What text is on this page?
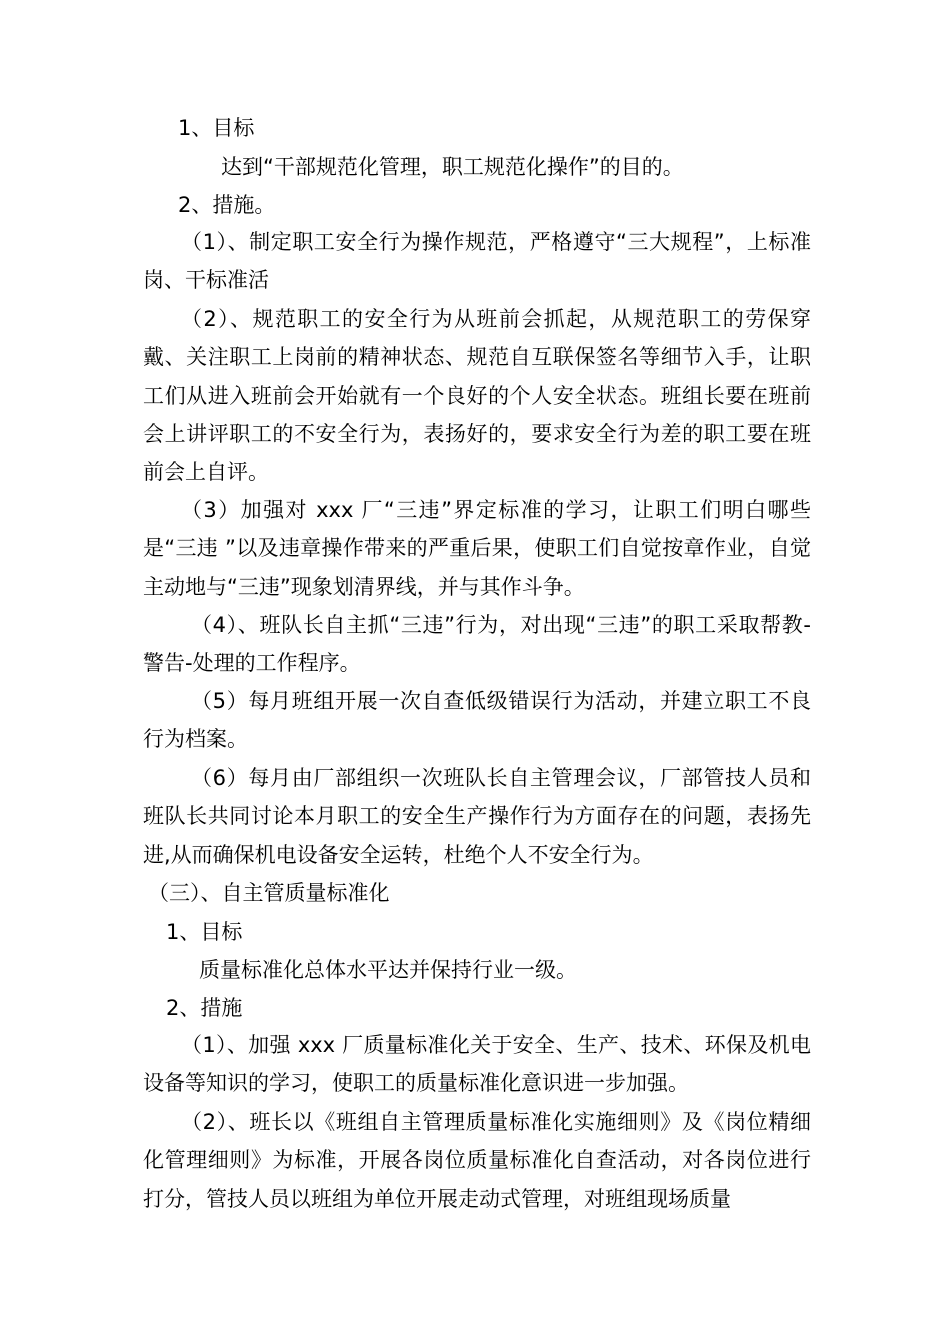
1、目标
达到“干部规范化管理，职工规范化操作”的目的。
2、措施。
（1）、制定职工安全行为操作规范，严格遵守“三大规程”，上标准岗、干标准活
（2）、规范职工的安全行为从班前会抓起，从规范职工的劳保穿戴、关注职工上岗前的精神状态、规范自互联保签名等细节入手，让职工们从进入班前会开始就有一个良好的个人安全状态。班组长要在班前会上讲评职工的不安全行为，表扬好的，要求安全行为差的职工要在班前会上自评。
（3）加强对 xxx 厂“三违”界定标准的学习，让职工们明白哪些是“三违 ”以及违章操作带来的严重后果，使职工们自觉按章作业，自觉主动地与“三违”现象划清界线，并与其作斗争。
（4）、班队长自主抓“三违”行为，对出现“三违”的职工采取帮教-警告-处理的工作程序。
（5）每月班组开展一次自查低级错误行为活动，并建立职工不良行为档案。
（6）每月由厂部组织一次班队长自主管理会议，厂部管技人员和班队长共同讨论本月职工的安全生产操作行为方面存在的问题，表扬先进,从而确保机电设备安全运转，杜绝个人不安全行为。
（三）、自主管质量标准化
1、目标
质量标准化总体水平达并保持行业一级。
2、措施
（1）、加强 xxx 厂质量标准化关于安全、生产、技术、环保及机电设备等知识的学习，使职工的质量标准化意识进一步加强。
（2）、班长以《班组自主管理质量标准化实施细则》及《岗位精细化管理细则》为标准，开展各岗位质量标准化自查活动，对各岗位进行打分，管技人员以班组为单位开展走动式管理，对班组现场质量
